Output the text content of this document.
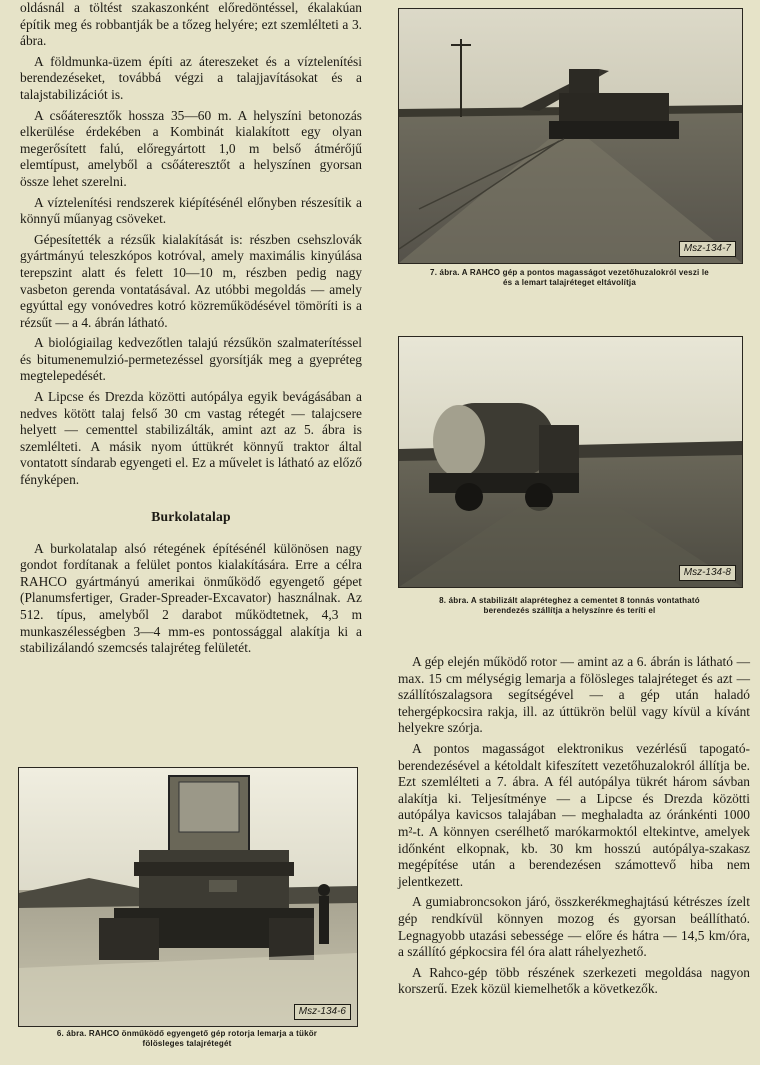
oldásnál a töltést szakaszonként előredöntéssel, ékalakúan építik meg és robbantják be a tőzeg helyére; ezt szemlélteti a 3. ábra.

A földmunka-üzem építi az átereszeket és a víztelenítési berendezéseket, továbbá végzi a talajjavításokat és a talajstabilizációt is.

A csőáteresztők hossza 35—60 m. A helyszíni betonozás elkerülése érdekében a Kombinát kialakított egy olyan megerősített falú, előregyártott 1,0 m belső átmérőjű elemtípust, amelyből a csőáteresztőt a helyszínen gyorsan össze lehet szerelni.

A víztelenítési rendszerek kiépítésénél előnyben részesítik a könnyű műanyag csöveket.

Gépesítették a rézsűk kialakítását is: részben csehszlovák gyártmányú teleszkópos kotróval, amely maximális kinyúlása terepszint alatt és felett 10—10 m, részben pedig nagy vasbeton gerenda vontatásával. Az utóbbi megoldás — amely egyúttal egy vonóvedres kotró közreműködésével tömöríti is a rézsűt — a 4. ábrán látható.

A biológiailag kedvezőtlen talajú rézsűkön szalmaterítéssel és bitumenemulzió-permetezéssel gyorsítják meg a gyepréteg megtelepedését.

A Lipcse és Drezda közötti autópálya egyik bevágásában a nedves kötött talaj felső 30 cm vastag rétegét — talajcsere helyett — cementtel stabilizálták, amint azt az 5. ábra is szemlélteti. A másik nyom úttükrét könnyű traktor által vontatott síndarab egyengeti el. Ez a művelet is látható az előző fényképen.

Burkolatalap

A burkolatalap alsó rétegének építésénél különösen nagy gondot fordítanak a felület pontos kialakítására. Erre a célra RAHCO gyártmányú amerikai önműködő egyengető gépet (Planumsfertiger, Grader-Spreader-Excavator) használnak. Az 512. típus, amelyből 2 darabot működtetnek, 4,3 m munkaszélességben 3—4 mm-es pontossággal alakítja ki a stabilizálandó szemcsés talajréteg felületét.

Msz-134-6
6. ábra. RAHCO önműködő egyengető gép rotorja lemarja a tükör
fölösleges talajrétegét
Msz-134-7
7. ábra. A RAHCO gép a pontos magasságot vezetőhuzalokról veszi le
és a lemart talajréteget eltávolítja
Msz-134-8
8. ábra. A stabilizált alapréteghez a cementet 8 tonnás vontatható
berendezés szállítja a helyszínre és teríti el

A gép elején működő rotor — amint az a 6. ábrán is látható — max. 15 cm mélységig lemarja a fölösleges talajréteget és azt — szállítószalagsora segítségével — a gép után haladó tehergépkocsira rakja, ill. az úttükrön belül vagy kívül a kívánt helyekre szórja.

A pontos magasságot elektronikus vezérlésű tapogató-berendezésével a kétoldalt kifeszített vezetőhuzalokról állítja be. Ezt szemlélteti a 7. ábra. A fél autópálya tükrét három sávban alakítja ki. Teljesítménye — a Lipcse és Drezda közötti autópálya kavicsos talajában — meghaladta az óránkénti 1000 m²-t. A könnyen cserélhető marókarmoktól eltekintve, amelyek időnként elkopnak, kb. 30 km hosszú autópálya-szakasz megépítése után a berendezésen számottevő hiba nem jelentkezett.

A gumiabroncsokon járó, összkerékmeghajtású kétrészes ízelt gép rendkívül könnyen mozog és gyorsan beállítható. Legnagyobb utazási sebessége — előre és hátra — 14,5 km/óra, a szállító gépkocsira fél óra alatt ráhelyezhető.

A Rahco-gép több részének szerkezeti megoldása nagyon korszerű. Ezek közül kiemelhetők a következők.
